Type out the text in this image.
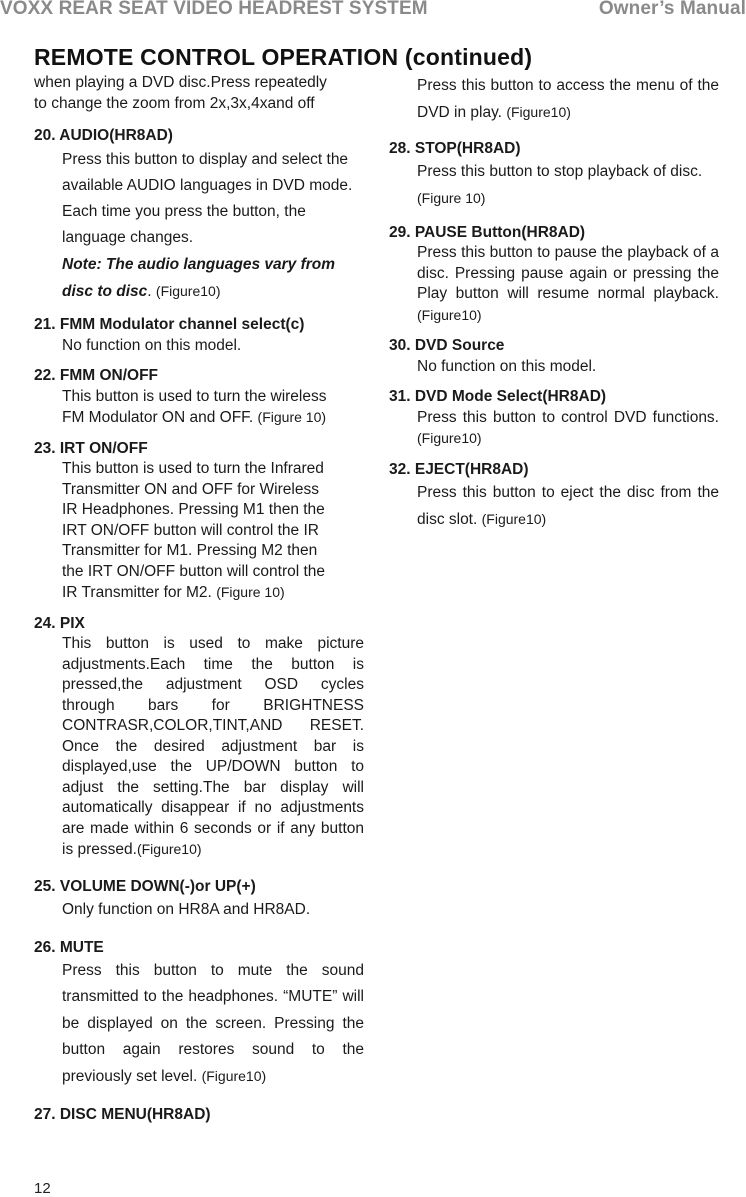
VOXX REAR SEAT VIDEO HEADREST SYSTEM	Owner’s Manual
REMOTE CONTROL OPERATION (continued)
when playing a DVD disc.Press repeatedly
to change the zoom from 2x,3x,4xand off
20. AUDIO(HR8AD)
Press this button to display and select the available AUDIO languages in DVD mode. Each time you press the button, the language changes.
Note: The audio languages vary from disc to disc. (Figure10)
21. FMM Modulator channel select(c)
No function on this model.
22. FMM ON/OFF
This button is used to turn the wireless
FM Modulator ON and OFF. (Figure 10)
23. IRT ON/OFF
This button is used to turn the Infrared
Transmitter ON and OFF for Wireless
IR Headphones. Pressing M1 then the
IRT ON/OFF button will control the IR
Transmitter for M1. Pressing M2 then
the IRT ON/OFF button will control the
IR Transmitter for M2. (Figure 10)
24. PIX
This button is used to make picture adjustments.Each time the button is pressed,the adjustment OSD cycles through bars for BRIGHTNESS CONTRASR,COLOR,TINT,AND RESET. Once the desired adjustment bar is displayed,use the UP/DOWN button to adjust the setting.The bar display will automatically disappear if no adjustments are made within 6 seconds or if any button is pressed.(Figure10)
25. VOLUME DOWN(-)or UP(+)
Only function on HR8A and HR8AD.
26. MUTE
Press this button to mute the sound transmitted to the headphones. “MUTE” will be displayed on the screen. Pressing the button again restores sound to the previously set level. (Figure10)
27. DISC MENU(HR8AD)
Press this button to access the menu of the DVD in play. (Figure10)
28. STOP(HR8AD)
Press this button to stop playback of disc. (Figure 10)
29. PAUSE Button(HR8AD)
Press this button to pause the playback of a disc. Pressing pause again or pressing the Play button will resume normal playback. (Figure10)
30. DVD Source
No function on this model.
31. DVD Mode Select(HR8AD)
Press this button to control DVD functions. (Figure10)
32. EJECT(HR8AD)
Press this button to eject the disc from the disc slot. (Figure10)
12
